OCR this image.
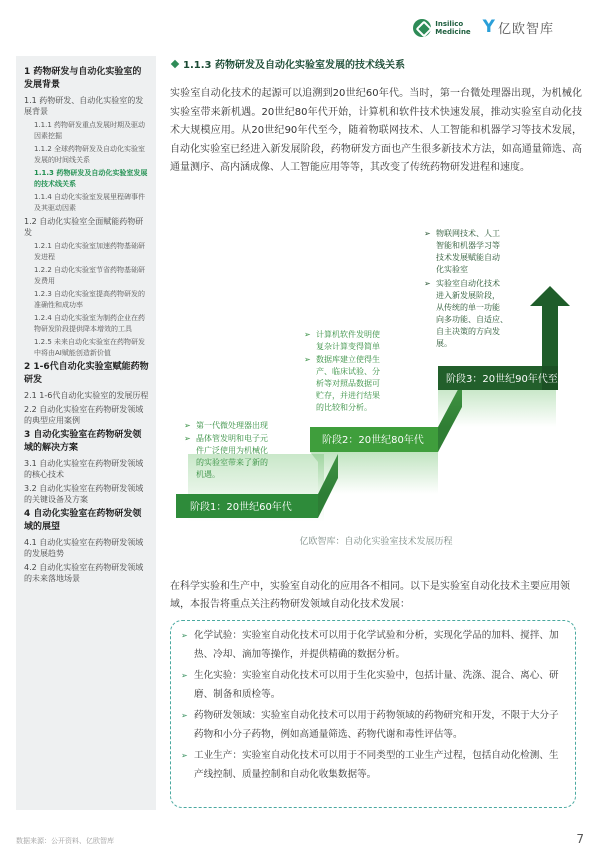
Insilico
Medicine Y 亿欧智库
1 药物研发与自动化实验室的发展背景
1.1 药物研发、自动化实验室的发展背景
1.1.1 药物研发重点发展时期及驱动因素挖掘
1.1.2 全球药物研发及自动化实验室发展的时间线关系
1.1.3 药物研发及自动化实验室发展的技术线关系
1.1.4 自动化实验室发展里程碑事件及其驱动因素
1.2 自动化实验室全面赋能药物研发
1.2.1 自动化实验室加速药物基础研发进程
1.2.2 自动化实验室节省药物基础研发费用
1.2.3 自动化实验室提高药物研发的准确性和成功率
1.2.4 自动化实验室为制药企业在药物研发阶段提供降本增效的工具
1.2.5 未来自动化实验室在药物研发中将由AI赋能创造新价值
2 1-6代自动化实验室赋能药物研发
2.1 1-6代自动化实验室的发展历程
2.2 自动化实验室在药物研发领域的典型应用案例
3 自动化实验室在药物研发领域的解决方案
3.1 自动化实验室在药物研发领域的核心技术
3.2 自动化实验室在药物研发领域的关键设备及方案
4 自动化实验室在药物研发领域的展望
4.1 自动化实验室在药物研发领域的发展趋势
4.2 自动化实验室在药物研发领域的未来落地场景
1.1.3 药物研发及自动化实验室发展的技术线关系

实验室自动化技术的起源可以追溯到20世纪60年代。当时，第一台微处理器出现，为机械化实验室带来新机遇。20世纪80年代开始，计算机和软件技术快速发展，推动实验室自动化技术大规模应用。从20世纪90年代至今，随着物联网技术、人工智能和机器学习等技术发展，自动化实验室已经进入新发展阶段，药物研发方面也产生很多新技术方法，如高通量筛选、高通量测序、高内涵成像、人工智能应用等等，其改变了传统药物研发进程和速度。

阶段1：20世纪60年代
阶段2：20世纪80年代
阶段3：20世纪90年代至今
➢ 第一代微处理器出现
➢ 晶体管发明和电子元
件广泛使用为机械化
的实验室带来了新的
机遇。
➢ 计算机软件发明使
复杂计算变得简单
➢ 数据库建立使得生
产、临床试验、分
析等对照品数据可
贮存，并进行结果
的比较和分析。
➢ 物联网技术、人工
智能和机器学习等
技术发展赋能自动
化实验室
➢ 实验室自动化技术
进入新发展阶段，
从传统的单一功能
向多功能、自适应、
自主决策的方向发
展。
亿欧智库：自动化实验室技术发展历程

在科学实验和生产中，实验室自动化的应用各不相同。以下是实验室自动化技术主要应用领域，本报告将重点关注药物研发领域自动化技术发展：

➢ 化学试验：实验室自动化技术可以用于化学试验和分析，实现化学品的加料、搅拌、加热、冷却、滴加等操作，并提供精确的数据分析。
➢ 生化实验：实验室自动化技术可以用于生化实验中，包括计量、洗涤、混合、离心、研磨、制备和质检等。
➢ 药物研发领域：实验室自动化技术可以用于药物领域的药物研究和开发，不限于大分子药物和小分子药物，例如高通量筛选、药物代谢和毒性评估等。
➢ 工业生产：实验室自动化技术可以用于不同类型的工业生产过程，包括自动化检测、生产线控制、质量控制和自动化收集数据等。
数据来源：公开资料、亿欧智库	7
